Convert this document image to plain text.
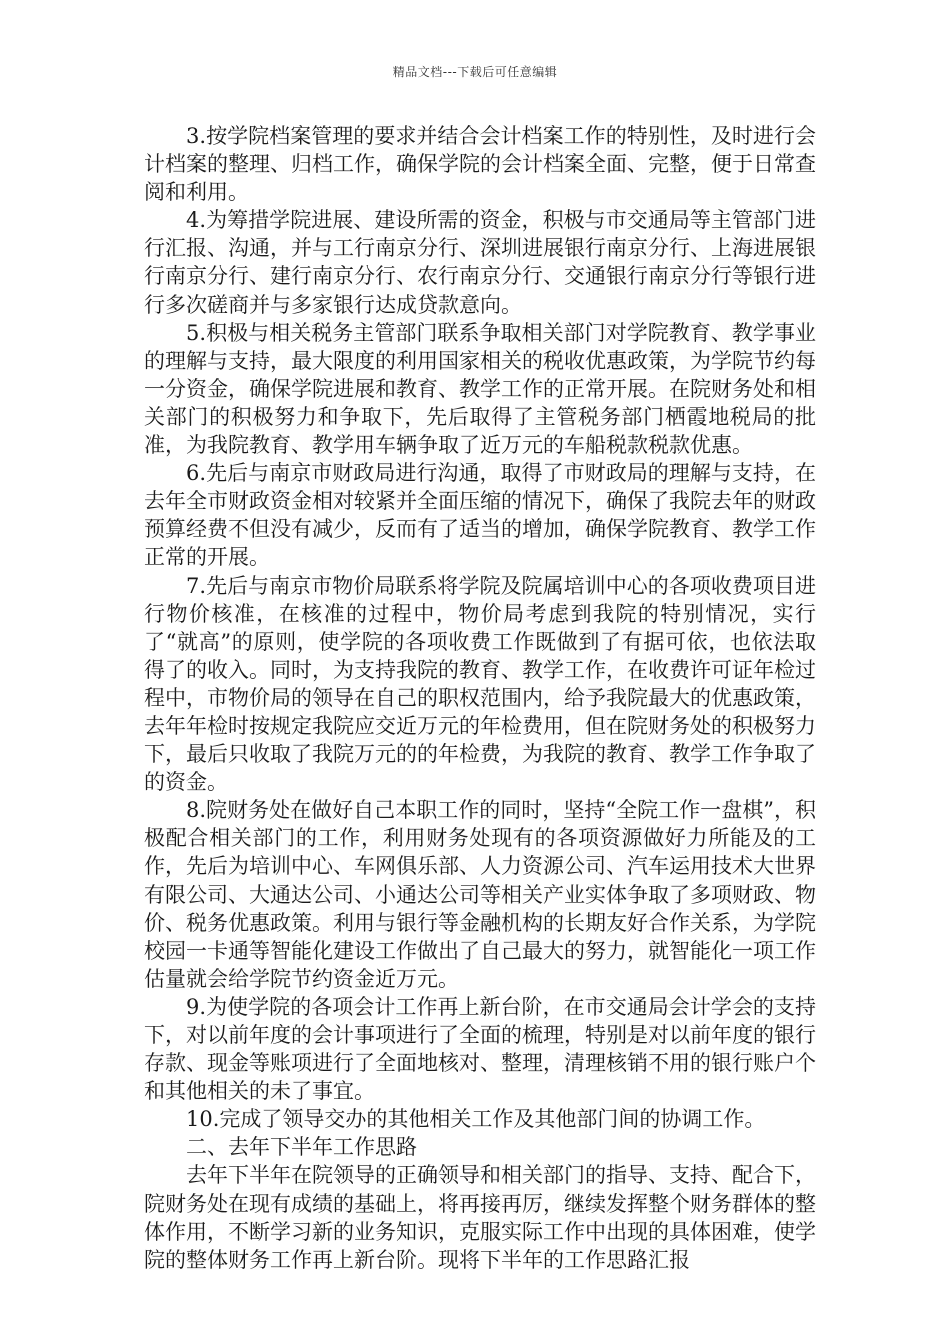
精品文档---下载后可任意编辑

3.按学院档案管理的要求并结合会计档案工作的特别性，及时进行会计档案的整理、归档工作，确保学院的会计档案全面、完整，便于日常查阅和利用。

4.为筹措学院进展、建设所需的资金，积极与市交通局等主管部门进行汇报、沟通，并与工行南京分行、深圳进展银行南京分行、上海进展银行南京分行、建行南京分行、农行南京分行、交通银行南京分行等银行进行多次磋商并与多家银行达成贷款意向。

5.积极与相关税务主管部门联系争取相关部门对学院教育、教学事业的理解与支持，最大限度的利用国家相关的税收优惠政策，为学院节约每一分资金，确保学院进展和教育、教学工作的正常开展。在院财务处和相关部门的积极努力和争取下，先后取得了主管税务部门栖霞地税局的批准，为我院教育、教学用车辆争取了近万元的车船税款税款优惠。

6.先后与南京市财政局进行沟通，取得了市财政局的理解与支持，在去年全市财政资金相对较紧并全面压缩的情况下，确保了我院去年的财政预算经费不但没有减少，反而有了适当的增加，确保学院教育、教学工作正常的开展。

7.先后与南京市物价局联系将学院及院属培训中心的各项收费项目进行物价核准，在核准的过程中，物价局考虑到我院的特别情况，实行了“就高”的原则，使学院的各项收费工作既做到了有据可依，也依法取得了的收入。同时，为支持我院的教育、教学工作，在收费许可证年检过程中，市物价局的领导在自己的职权范围内，给予我院最大的优惠政策，去年年检时按规定我院应交近万元的年检费用，但在院财务处的积极努力下，最后只收取了我院万元的的年检费，为我院的教育、教学工作争取了的资金。

8.院财务处在做好自己本职工作的同时，坚持“全院工作一盘棋”，积极配合相关部门的工作，利用财务处现有的各项资源做好力所能及的工作，先后为培训中心、车网俱乐部、人力资源公司、汽车运用技术大世界有限公司、大通达公司、小通达公司等相关产业实体争取了多项财政、物价、税务优惠政策。利用与银行等金融机构的长期友好合作关系，为学院校园一卡通等智能化建设工作做出了自己最大的努力，就智能化一项工作估量就会给学院节约资金近万元。

9.为使学院的各项会计工作再上新台阶，在市交通局会计学会的支持下，对以前年度的会计事项进行了全面的梳理，特别是对以前年度的银行存款、现金等账项进行了全面地核对、整理，清理核销不用的银行账户个和其他相关的未了事宜。

10.完成了领导交办的其他相关工作及其他部门间的协调工作。

二、去年下半年工作思路

去年下半年在院领导的正确领导和相关部门的指导、支持、配合下，院财务处在现有成绩的基础上，将再接再厉，继续发挥整个财务群体的整体作用，不断学习新的业务知识，克服实际工作中出现的具体困难，使学院的整体财务工作再上新台阶。现将下半年的工作思路汇报
